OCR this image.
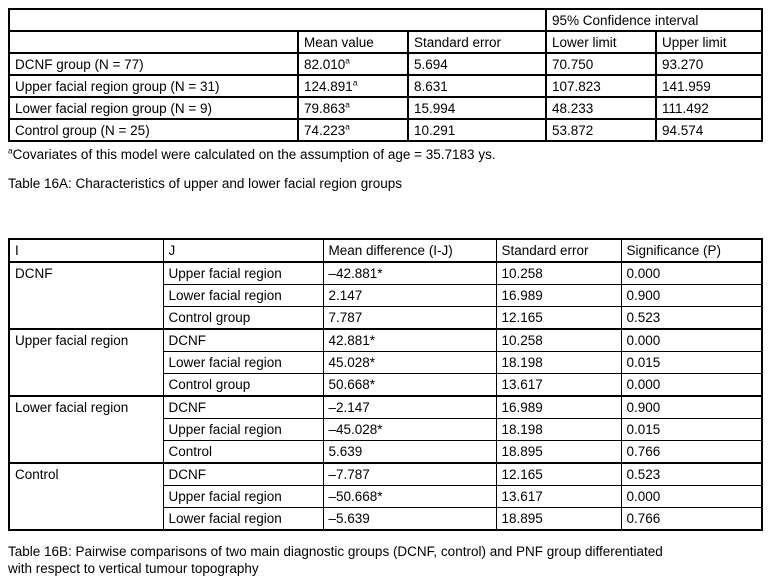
			95% Confidence interval	
	Mean value	Standard error	Lower limit	Upper limit
DCNF group (N = 77)	82.010$^a$	5.694	70.750	93.270
Upper facial region group (N = 31)	124.891$^a$	8.631	107.823	141.959
Lower facial region group (N = 9)	79.863$^a$	15.994	48.233	111.492
Control group (N = 25)	74.223$^a$	10.291	53.872	94.574
$^a$Covariates of this model were calculated on the assumption of age = 35.7183 ys.
Table 16A: Characteristics of upper and lower facial region groups
I	J	Mean difference (I-J)	Standard error	Significance (P)
DCNF	Upper facial region	–42.881*	10.258	0.000
	Lower facial region	2.147	16.989	0.900
	Control group	7.787	12.165	0.523
Upper facial region	DCNF	42.881*	10.258	0.000
	Lower facial region	45.028*	18.198	0.015
	Control group	50.668*	13.617	0.000
Lower facial region	DCNF	–2.147	16.989	0.900
	Upper facial region	–45.028*	18.198	0.015
	Control	5.639	18.895	0.766
Control	DCNF	–7.787	12.165	0.523
	Upper facial region	–50.668*	13.617	0.000
	Lower facial region	–5.639	18.895	0.766
Table 16B: Pairwise comparisons of two main diagnostic groups (DCNF, control) and PNF group differentiated
with respect to vertical tumour topography
